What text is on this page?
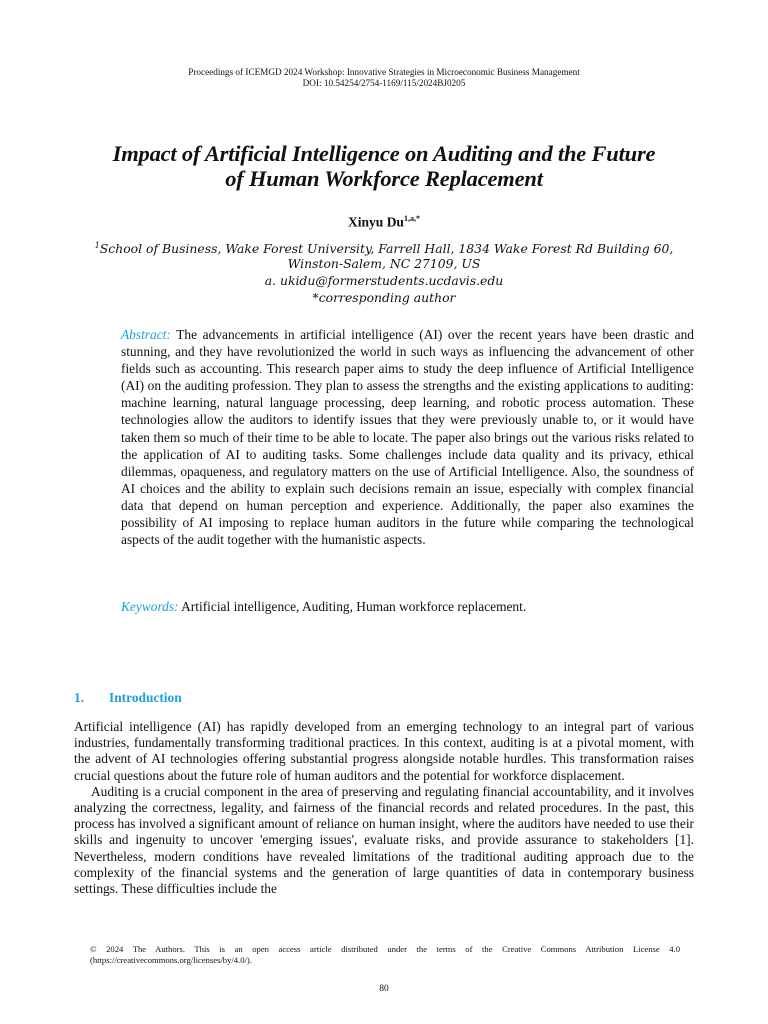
Proceedings of ICEMGD 2024 Workshop: Innovative Strategies in Microeconomic Business Management
DOI: 10.54254/2754-1169/115/2024BJ0205
Impact of Artificial Intelligence on Auditing and the Future
of Human Workforce Replacement
Xinyu $Du^{1,a,*}$
$^1$School of Business, Wake Forest University, Farrell Hall, 1834 Wake Forest Rd Building 60,
Winston-Salem, NC 27109, US
a. ukidu@formerstudents.ucdavis.edu
*corresponding author
Abstract: The advancements in artificial intelligence (AI) over the recent years have been drastic and stunning, and they have revolutionized the world in such ways as influencing the advancement of other fields such as accounting. This research paper aims to study the deep influence of Artificial Intelligence (AI) on the auditing profession. They plan to assess the strengths and the existing applications to auditing: machine learning, natural language processing, deep learning, and robotic process automation. These technologies allow the auditors to identify issues that they were previously unable to, or it would have taken them so much of their time to be able to locate. The paper also brings out the various risks related to the application of AI to auditing tasks. Some challenges include data quality and its privacy, ethical dilemmas, opaqueness, and regulatory matters on the use of Artificial Intelligence. Also, the soundness of AI choices and the ability to explain such decisions remain an issue, especially with complex financial data that depend on human perception and experience. Additionally, the paper also examines the possibility of AI imposing to replace human auditors in the future while comparing the technological aspects of the audit together with the humanistic aspects.
Keywords: Artificial intelligence, Auditing, Human workforce replacement.
1. Introduction

Artificial intelligence (AI) has rapidly developed from an emerging technology to an integral part of various industries, fundamentally transforming traditional practices. In this context, auditing is at a pivotal moment, with the advent of AI technologies offering substantial progress alongside notable hurdles. This transformation raises crucial questions about the future role of human auditors and the potential for workforce displacement.

Auditing is a crucial component in the area of preserving and regulating financial accountability, and it involves analyzing the correctness, legality, and fairness of the financial records and related procedures. In the past, this process has involved a significant amount of reliance on human insight, where the auditors have needed to use their skills and ingenuity to uncover 'emerging issues', evaluate risks, and provide assurance to stakeholders [1]. Nevertheless, modern conditions have revealed limitations of the traditional auditing approach due to the complexity of the financial systems and the generation of large quantities of data in contemporary business settings. These difficulties include the

© 2024 The Authors. This is an open access article distributed under the terms of the Creative Commons Attribution License 4.0 (https://creativecommons.org/licenses/by/4.0/).
80
